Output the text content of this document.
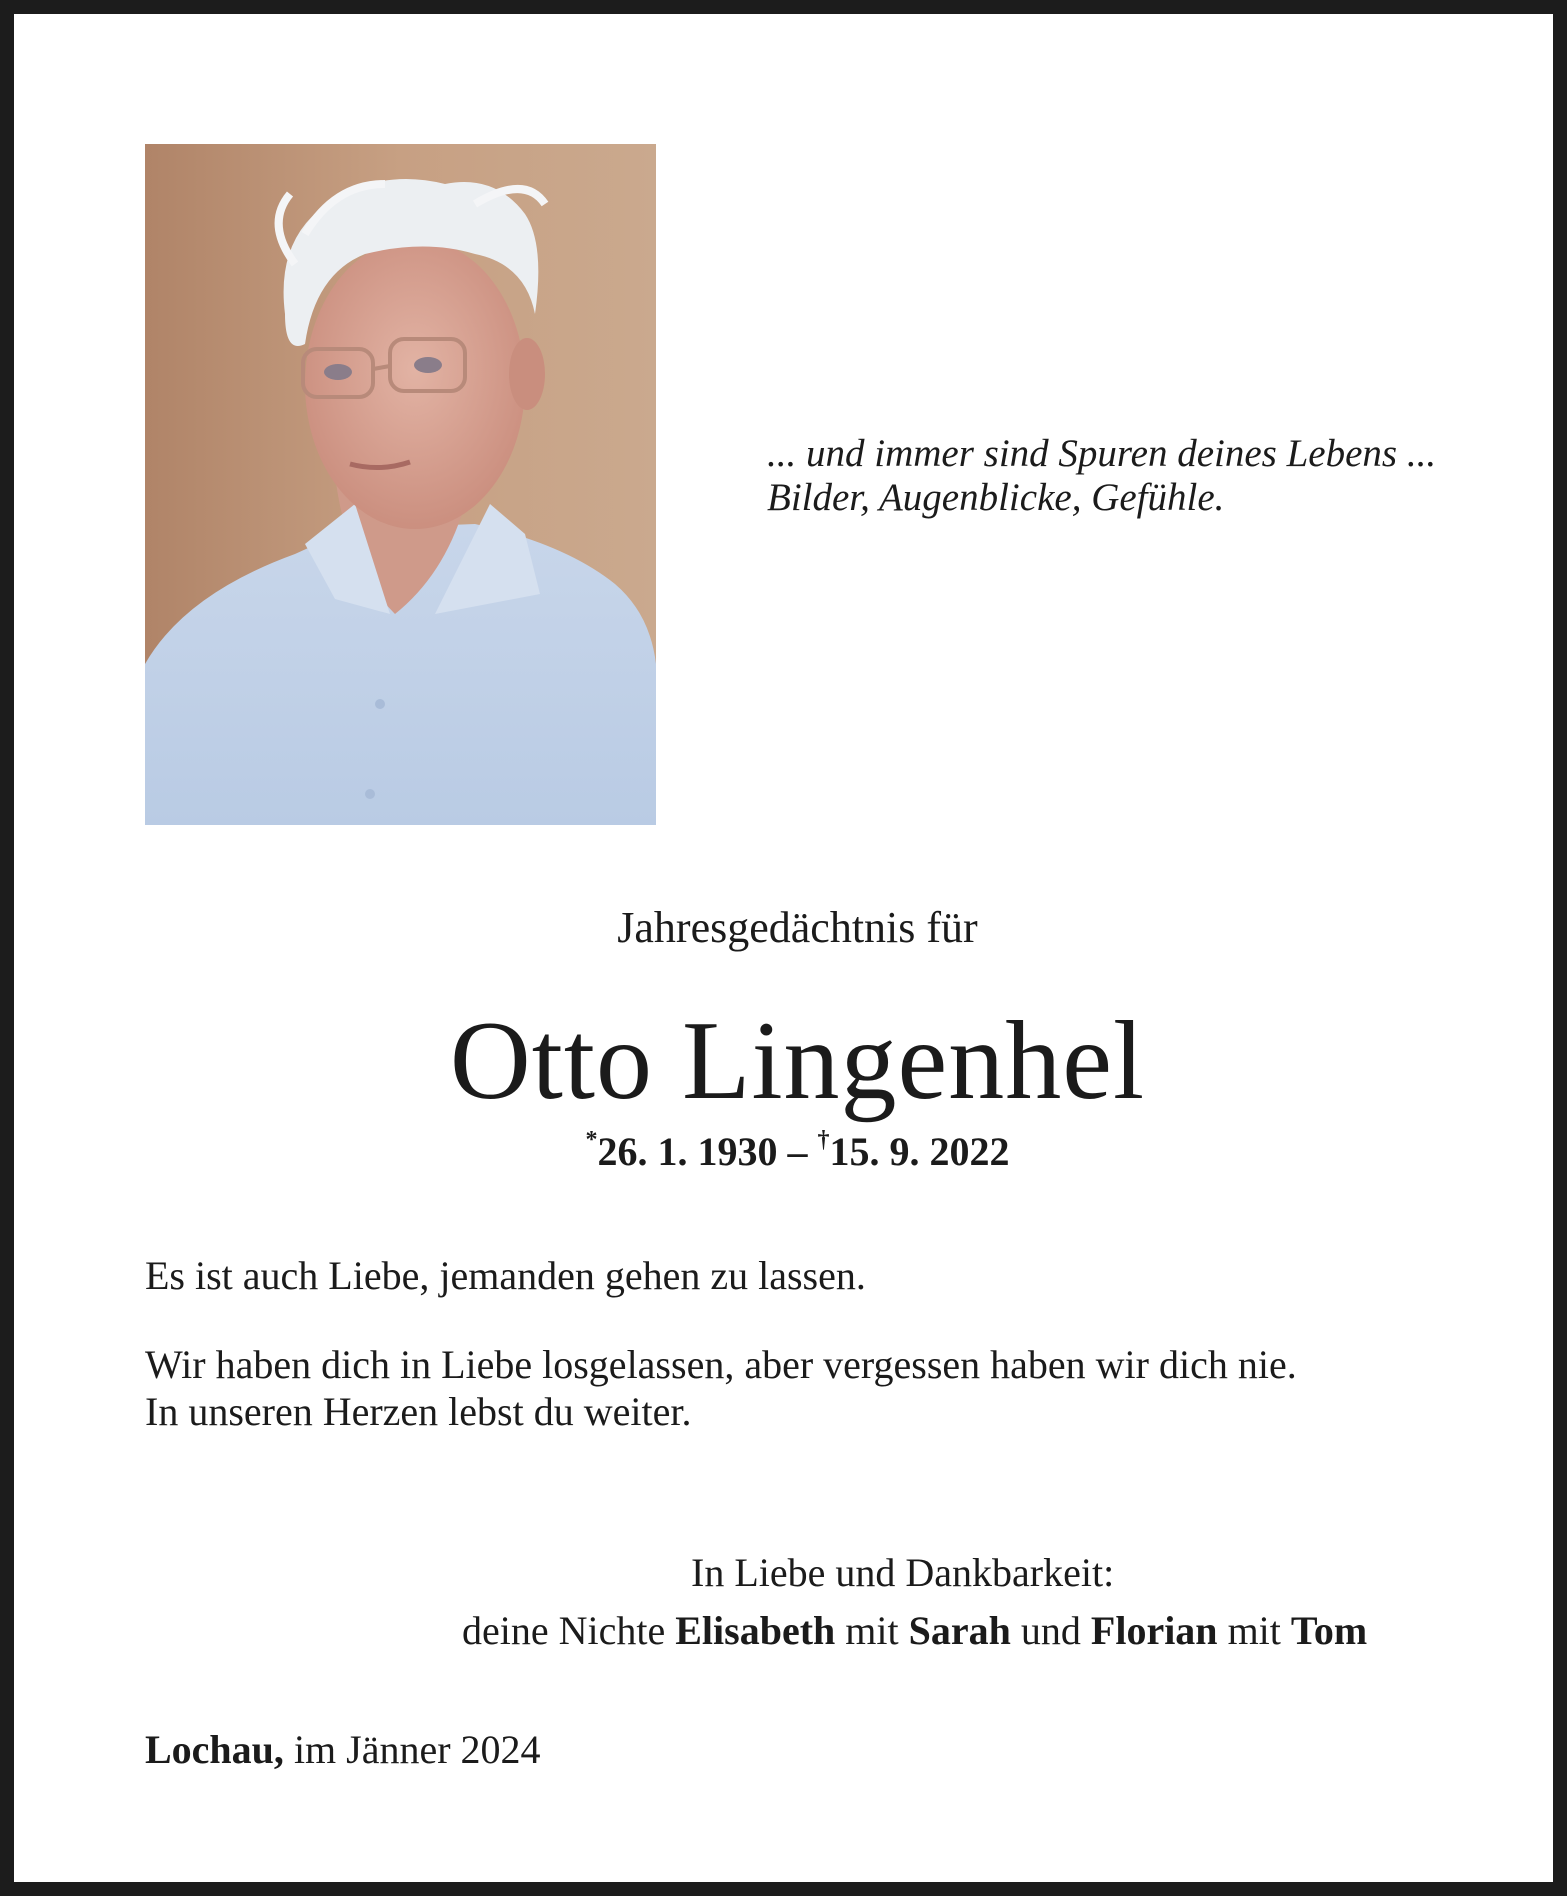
... und immer sind Spuren deines Lebens ...
Bilder, Augenblicke, Gefühle.
Jahresgedächtnis für
Otto Lingenhel
*26. 1. 1930 – †15. 9. 2022

Es ist auch Liebe, jemanden gehen zu lassen.

Wir haben dich in Liebe losgelassen, aber vergessen haben wir dich nie.

In unseren Herzen lebst du weiter.

In Liebe und Dankbarkeit:
deine Nichte Elisabeth mit Sarah und Florian mit Tom
Lochau, im Jänner 2024
